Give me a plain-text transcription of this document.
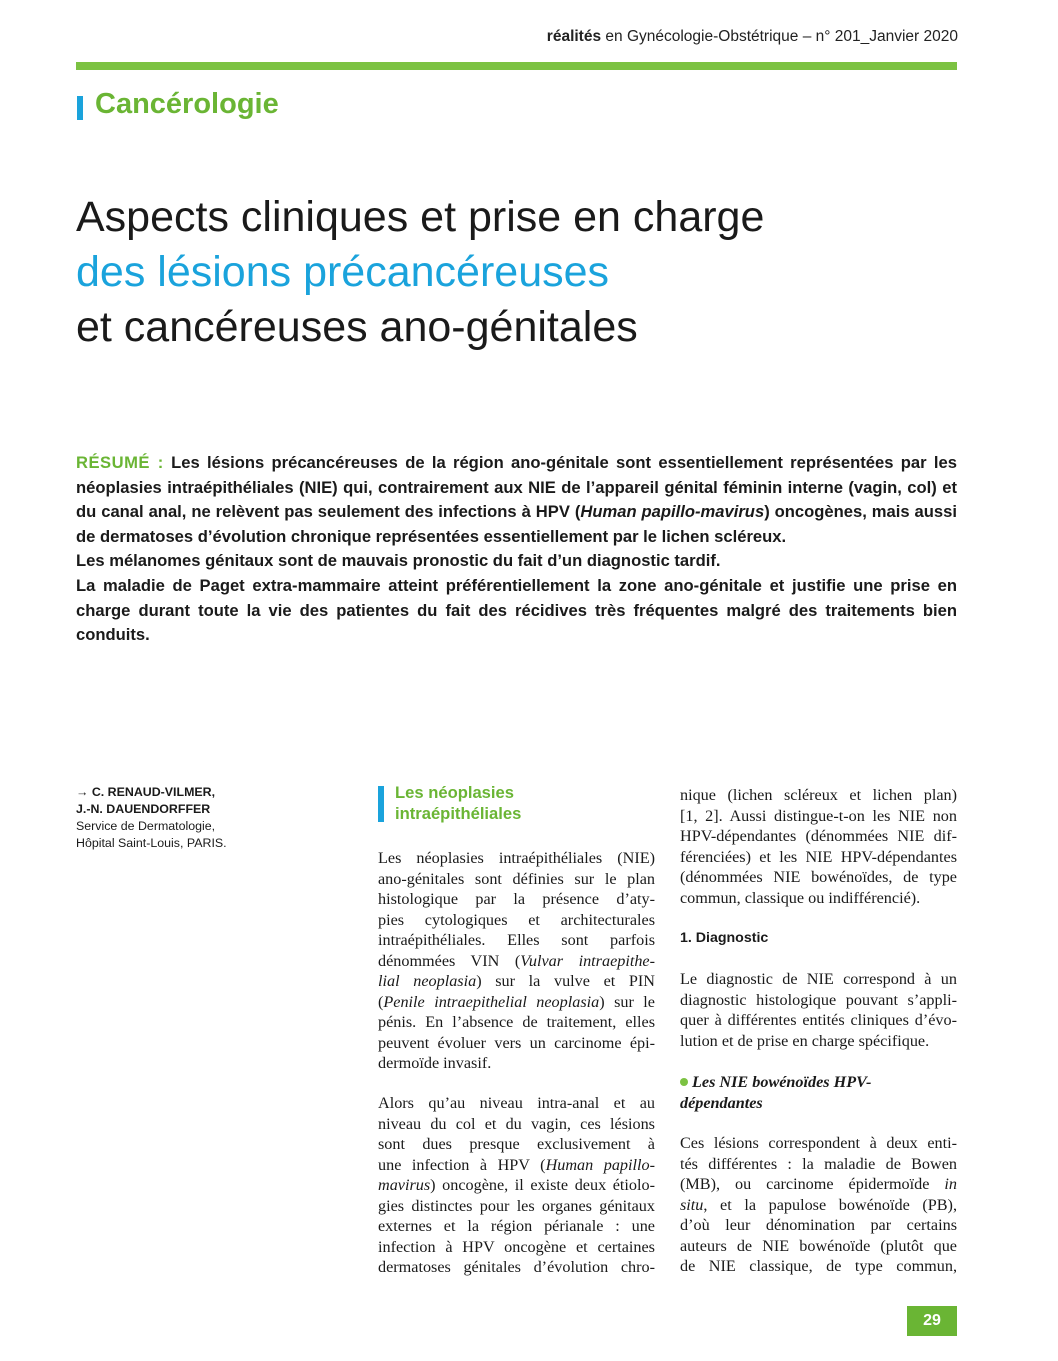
réalités en Gynécologie-Obstétrique – n° 201_Janvier 2020
Cancérologie
Aspects cliniques et prise en charge
des lésions précancéreuses
et cancéreuses ano-génitales

RÉSUMÉ : Les lésions précancéreuses de la région ano-génitale sont essentiellement représentées par les néoplasies intraépithéliales (NIE) qui, contrairement aux NIE de l’appareil génital féminin interne (vagin, col) et du canal anal, ne relèvent pas seulement des infections à HPV (Human papillo-mavirus) oncogènes, mais aussi de dermatoses d’évolution chronique représentées essentiellement par le lichen scléreux.

Les mélanomes génitaux sont de mauvais pronostic du fait d’un diagnostic tardif.

La maladie de Paget extra-mammaire atteint préférentiellement la zone ano-génitale et justifie une prise en charge durant toute la vie des patientes du fait des récidives très fréquentes malgré des traitements bien conduits.

→ C. RENAUD-VILMER,
J.-N. DAUENDORFFER
Service de Dermatologie,
Hôpital Saint-Louis, PARIS.
Les néoplasies
intraépithéliales
Les néoplasies intraépithéliales (NIE)
ano-génitales sont définies sur le plan
histologique par la présence d’aty-
pies cytologiques et architecturales
intraépithéliales. Elles sont parfois
dénommées VIN (Vulvar intraepithe-
lial neoplasia) sur la vulve et PIN
(Penile intraepithelial neoplasia) sur le
pénis. En l’absence de traitement, elles
peuvent évoluer vers un carcinome épi-
dermoïde invasif.
Alors qu’au niveau intra-anal et au
niveau du col et du vagin, ces lésions
sont dues presque exclusivement à
une infection à HPV (Human papillo-
mavirus) oncogène, il existe deux étiolo-
gies distinctes pour les organes génitaux
externes et la région périanale : une
infection à HPV oncogène et certaines
dermatoses génitales d’évolution chro-
nique (lichen scléreux et lichen plan)
[1, 2]. Aussi distingue-t-on les NIE non
HPV-dépendantes (dénommées NIE dif-
férenciées) et les NIE HPV-dépendantes
(dénommées NIE bowénoïdes, de type
commun, classique ou indifférencié).
1. Diagnostic
Le diagnostic de NIE correspond à un
diagnostic histologique pouvant s’appli-
quer à différentes entités cliniques d’évo-
lution et de prise en charge spécifique.
Les NIE bowénoïdes HPV-
dépendantes
Ces lésions correspondent à deux enti-
tés différentes : la maladie de Bowen
(MB), ou carcinome épidermoïde in
situ, et la papulose bowénoïde (PB),
d’où leur dénomination par certains
auteurs de NIE bowénoïde (plutôt que
de NIE classique, de type commun,
29
